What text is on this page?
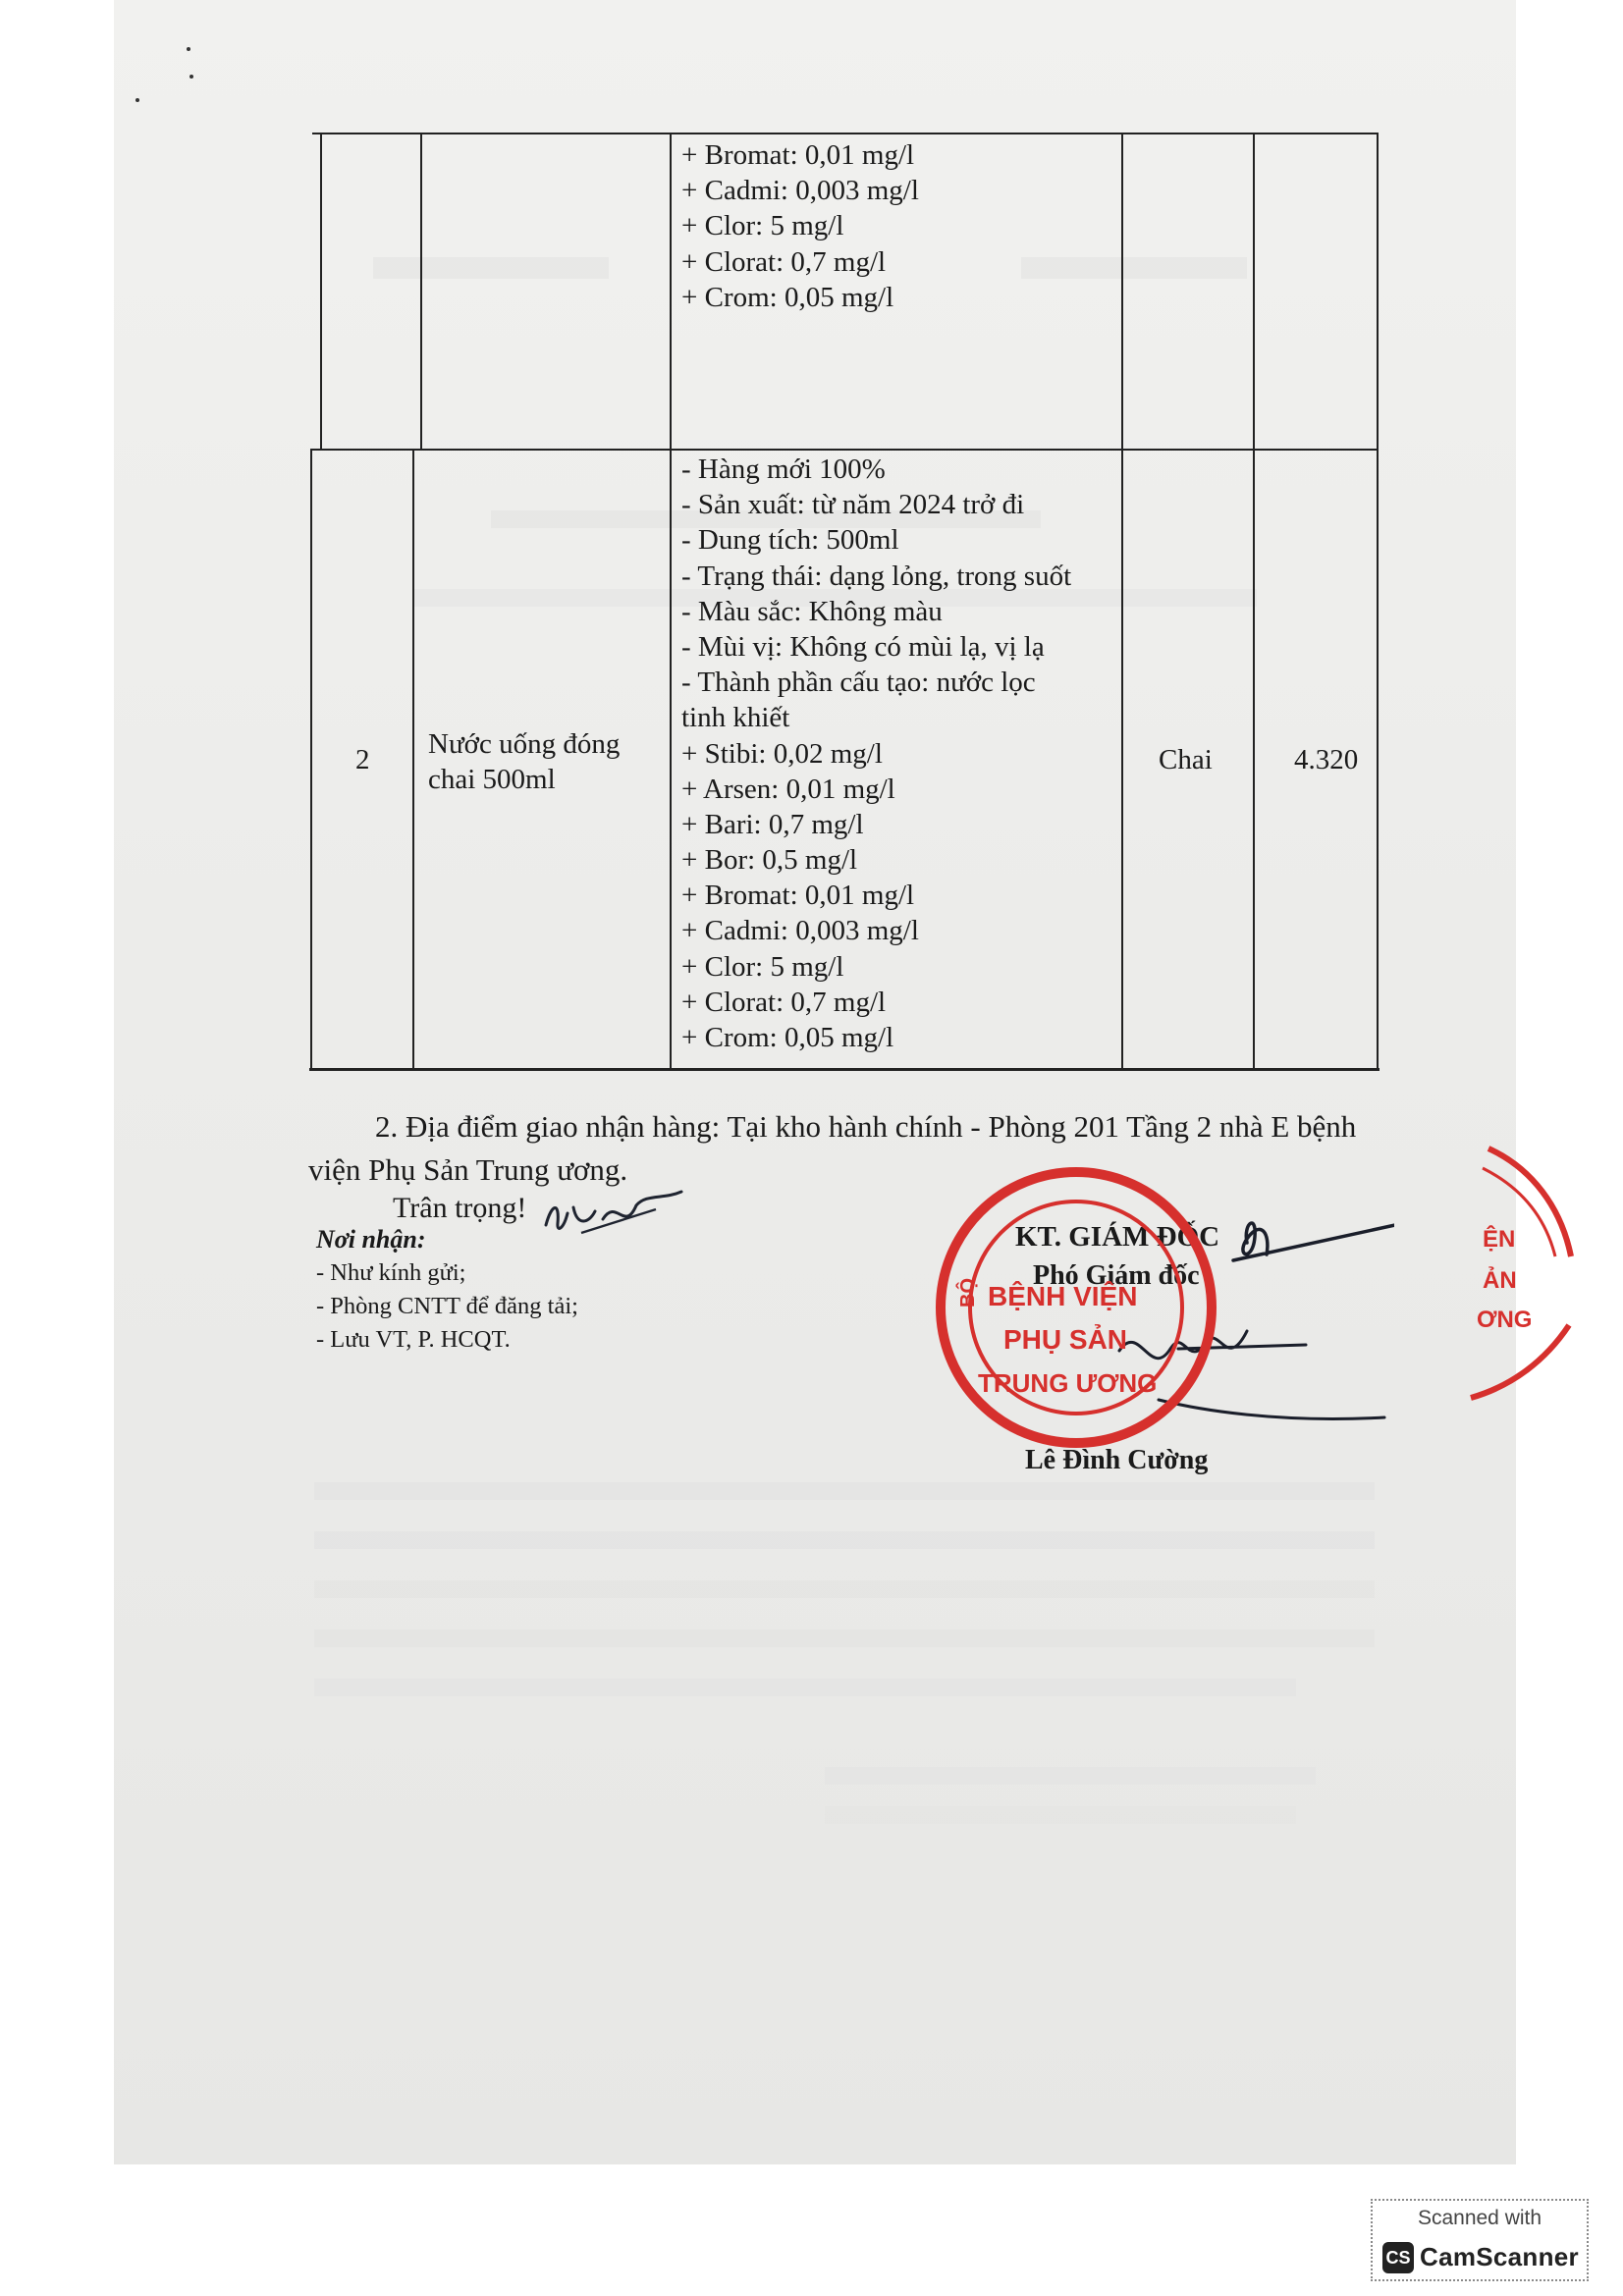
+ Bromat: 0,01 mg/l
+ Cadmi: 0,003 mg/l
+ Clor: 5 mg/l
+ Clorat: 0,7 mg/l
+ Crom: 0,05 mg/l
2 Nước uống đóng
chai 500ml
- Hàng mới 100%
- Sản xuất: từ năm 2024 trở đi
- Dung tích: 500ml
- Trạng thái: dạng lỏng, trong suốt
- Màu sắc: Không màu
- Mùi vị: Không có mùi lạ, vị lạ
- Thành phần cấu tạo: nước lọc
tinh khiết
+ Stibi: 0,02 mg/l
+ Arsen: 0,01 mg/l
+ Bari: 0,7 mg/l
+ Bor: 0,5 mg/l
+ Bromat: 0,01 mg/l
+ Cadmi: 0,003 mg/l
+ Clor: 5 mg/l
+ Clorat: 0,7 mg/l
+ Crom: 0,05 mg/l
Chai	4.320
2. Địa điểm giao nhận hàng: Tại kho hành chính - Phòng 201 Tầng 2 nhà E bệnh
viện Phụ Sản Trung ương.
Trân trọng!
Nơi nhận:
- Như kính gửi;
- Phòng CNTT để đăng tải;
- Lưu VT, P. HCQT.
KT. GIÁM ĐỐC
Phó Giám đốc
Lê Đình Cường
BỘ BỆNH VIỆN
PHỤ SẢN
TRUNG ƯƠNG
ỆN
ẢN
ƠNG
Scanned with
CS CamScanner
